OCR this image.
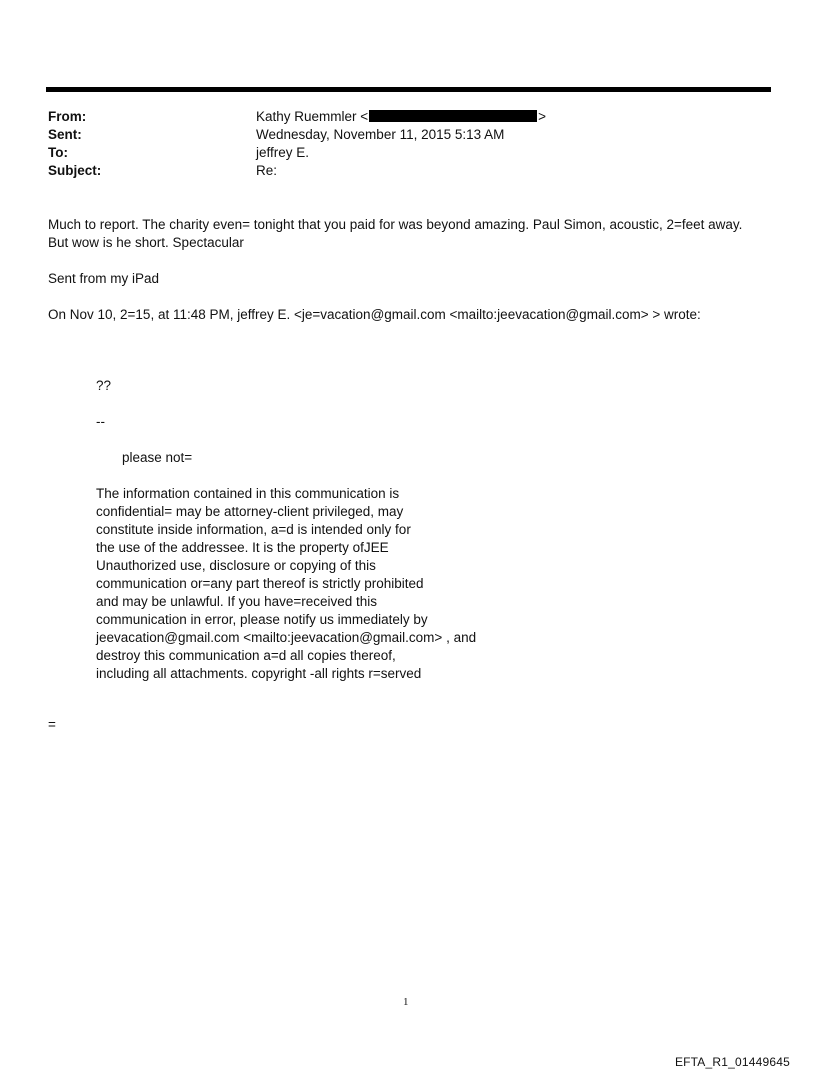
From:	Kathy Ruemmler <	>
Sent:	Wednesday, November 11, 2015 5:13 AM
To:	jeffrey E.
Subject:	Re:
Much to report. The charity even= tonight that you paid for was beyond amazing. Paul Simon, acoustic, 2=feet away.
But wow is he short. Spectacular
Sent from my iPad
On Nov 10, 2=15, at 11:48 PM, jeffrey E. <je=vacation@gmail.com <mailto:jeevacation@gmail.com> > wrote:
??
--
please not=
The information contained in this communication is
confidential= may be attorney-client privileged, may
constitute inside information, a=d is intended only for
the use of the addressee. It is the property ofJEE
Unauthorized use, disclosure or copying of this
communication or=any part thereof is strictly prohibited
and may be unlawful. If you have=received this
communication in error, please notify us immediately by
jeevacation@gmail.com <mailto:jeevacation@gmail.com> , and
destroy this communication a=d all copies thereof,
including all attachments. copyright -all rights r=served
=
1
EFTA_R1_01449645
